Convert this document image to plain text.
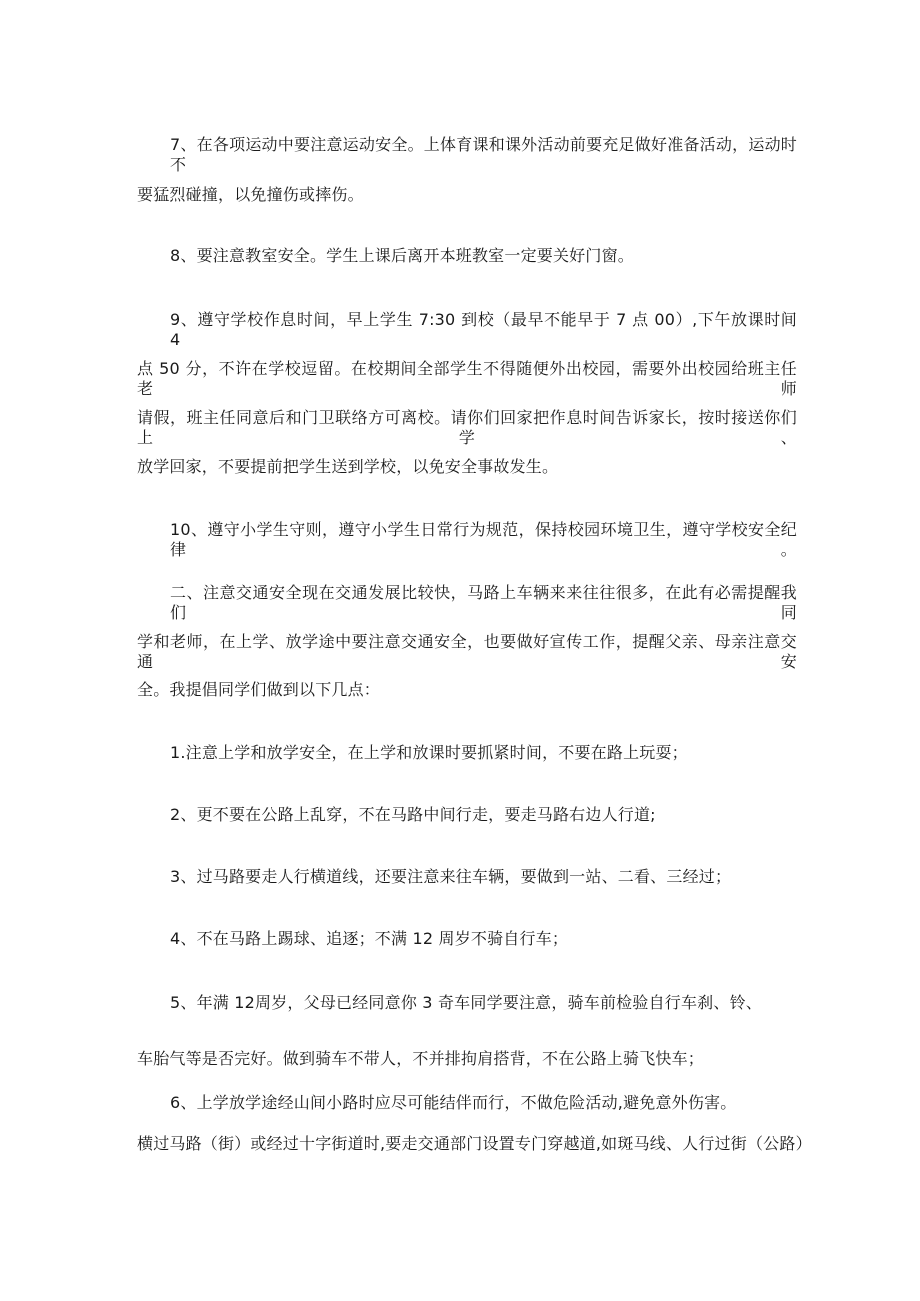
7、在各项运动中要注意运动安全。上体育课和课外活动前要充足做好准备活动，运动时不
要猛烈碰撞，以免撞伤或摔伤。
8、要注意教室安全。学生上课后离开本班教室一定要关好门窗。
9、遵守学校作息时间，早上学生 7:30 到校（最早不能早于 7 点 00）,下午放课时间 4
点 50 分，不许在学校逗留。在校期间全部学生不得随便外出校园，需要外出校园给班主任老师
请假，班主任同意后和门卫联络方可离校。请你们回家把作息时间告诉家长，按时接送你们上学、
放学回家，不要提前把学生送到学校，以免安全事故发生。
10、遵守小学生守则，遵守小学生日常行为规范，保持校园环境卫生，遵守学校安全纪律。
二、注意交通安全现在交通发展比较快，马路上车辆来来往往很多，在此有必需提醒我们同
学和老师，在上学、放学途中要注意交通安全，也要做好宣传工作，提醒父亲、母亲注意交通安
全。我提倡同学们做到以下几点：
1.注意上学和放学安全，在上学和放课时要抓紧时间，不要在路上玩耍；
2、更不要在公路上乱穿，不在马路中间行走，要走马路右边人行道;
3、过马路要走人行横道线，还要注意来往车辆，要做到一站、二看、三经过；
4、不在马路上踢球、追逐；不满 12 周岁不骑自行车；
5、年满 12周岁，父母已经同意你 3 奇车同学要注意，骑车前检验自行车刹、铃、
车胎气等是否完好。做到骑车不带人，不并排拘肩搭背，不在公路上骑飞快车；
6、上学放学途经山间小路时应尽可能结伴而行，不做危险活动,避免意外伤害。
横过马路（街）或经过十字街道时,要走交通部门设置专门穿越道,如斑马线、人行过街（公路）
